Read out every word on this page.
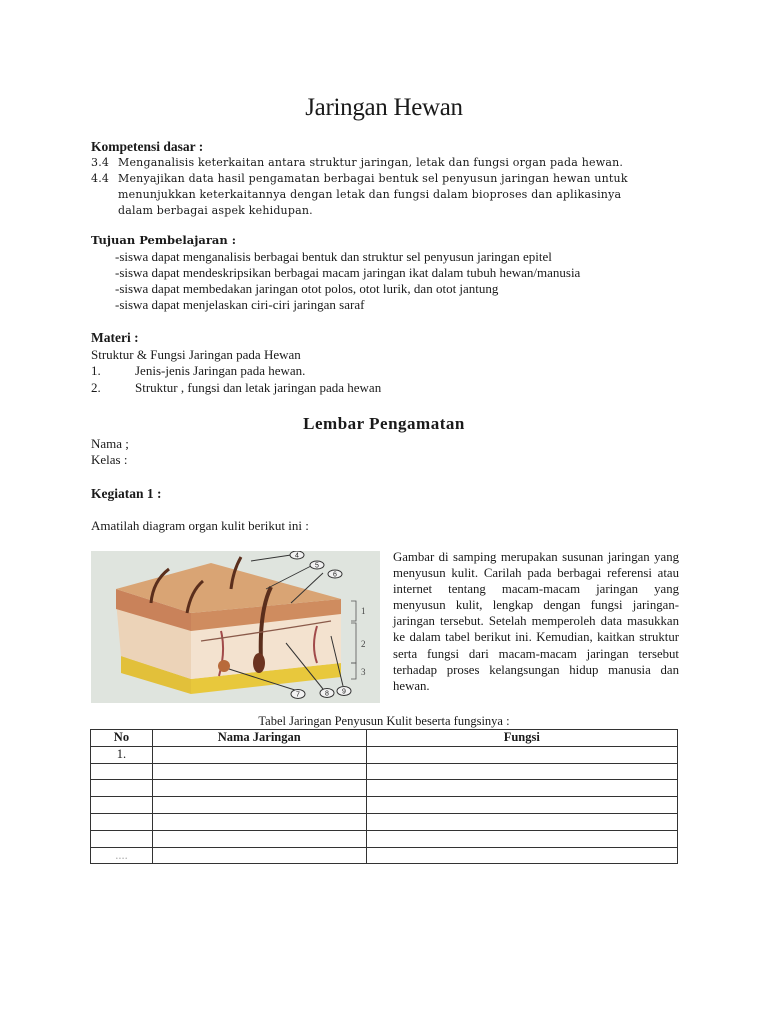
Jaringan Hewan
Kompetensi dasar :
3.4 Menganalisis keterkaitan antara struktur jaringan, letak dan fungsi organ pada hewan.
4.4 Menyajikan data hasil pengamatan berbagai bentuk sel penyusun jaringan hewan untuk
menunjukkan keterkaitannya dengan letak dan fungsi dalam bioproses dan aplikasinya
dalam berbagai aspek kehidupan.
Tujuan Pembelajaran :
-siswa dapat menganalisis berbagai bentuk dan struktur sel penyusun jaringan epitel
-siswa dapat mendeskripsikan berbagai macam jaringan ikat dalam tubuh hewan/manusia
-siswa dapat membedakan jaringan otot polos, otot lurik, dan otot jantung
-siswa dapat menjelaskan ciri-ciri jaringan saraf
Materi :
Struktur & Fungsi Jaringan pada Hewan
1.	Jenis-jenis Jaringan pada hewan.
2.	Struktur , fungsi dan letak jaringan pada hewan
Lembar Pengamatan
Nama ;
Kelas :
Kegiatan 1 :
Amatilah diagram organ kulit berikut ini :
4
5
6
7	8 9
1
2
3
Gambar di samping merupakan susunan jaringan yang menyusun kulit. Carilah pada berbagai referensi atau internet tentang macam-macam jaringan yang menyusun kulit, lengkap dengan fungsi jaringan-jaringan tersebut. Setelah memperoleh data masukkan ke dalam tabel berikut ini. Kemudian, kaitkan struktur serta fungsi dari macam-macam jaringan tersebut terhadap proses kelangsungan hidup manusia dan hewan.
Tabel Jaringan Penyusun Kulit beserta fungsinya :
No	Nama Jaringan	Fungsi
1.		

....		
